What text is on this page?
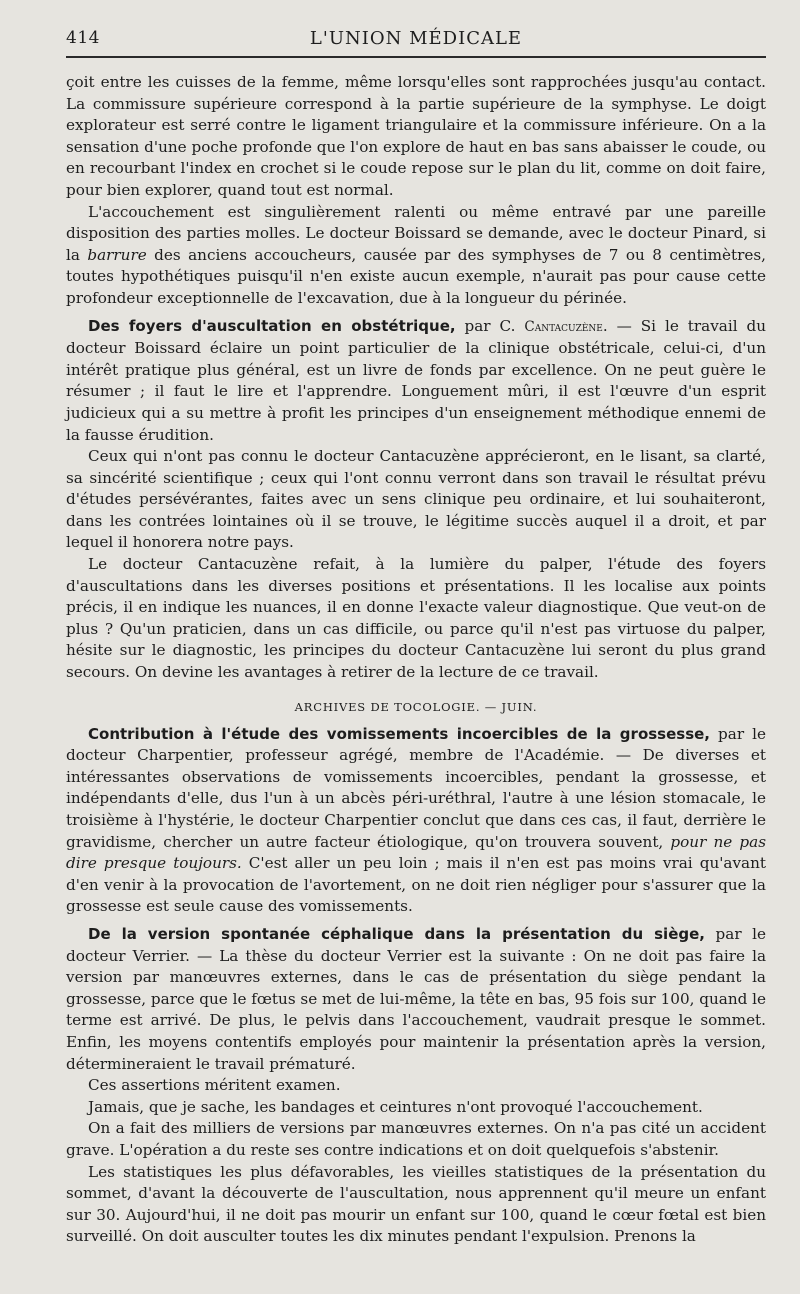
414	L'UNION MÉDICALE

çoit entre les cuisses de la femme, même lorsqu'elles sont rapprochées jusqu'au contact. La commissure supérieure correspond à la partie supérieure de la symphyse. Le doigt explorateur est serré contre le ligament triangulaire et la commissure inférieure. On a la sensation d'une poche profonde que l'on explore de haut en bas sans abaisser le coude, ou en recourbant l'index en crochet si le coude repose sur le plan du lit, comme on doit faire, pour bien explorer, quand tout est normal.

L'accouchement est singulièrement ralenti ou même entravé par une pareille disposition des parties molles. Le docteur Boissard se demande, avec le docteur Pinard, si la barrure des anciens accoucheurs, causée par des symphyses de 7 ou 8 centimètres, toutes hypothétiques puisqu'il n'en existe aucun exemple, n'aurait pas pour cause cette profondeur exceptionnelle de l'excavation, due à la longueur du périnée.

Des foyers d'auscultation en obstétrique, par C. Cantacuzène. — Si le travail du docteur Boissard éclaire un point particulier de la clinique obstétricale, celui-ci, d'un intérêt pratique plus général, est un livre de fonds par excellence. On ne peut guère le résumer ; il faut le lire et l'apprendre. Longuement mûri, il est l'œuvre d'un esprit judicieux qui a su mettre à profit les principes d'un enseignement méthodique ennemi de la fausse érudition.

Ceux qui n'ont pas connu le docteur Cantacuzène apprécieront, en le lisant, sa clarté, sa sincérité scientifique ; ceux qui l'ont connu verront dans son travail le résultat prévu d'études persévérantes, faites avec un sens clinique peu ordinaire, et lui souhaiteront, dans les contrées lointaines où il se trouve, le légitime succès auquel il a droit, et par lequel il honorera notre pays.

Le docteur Cantacuzène refait, à la lumière du palper, l'étude des foyers d'auscultations dans les diverses positions et présentations. Il les localise aux points précis, il en indique les nuances, il en donne l'exacte valeur diagnostique. Que veut-on de plus ? Qu'un praticien, dans un cas difficile, ou parce qu'il n'est pas virtuose du palper, hésite sur le diagnostic, les principes du docteur Cantacuzène lui seront du plus grand secours. On devine les avantages à retirer de la lecture de ce travail.

ARCHIVES DE TOCOLOGIE. — JUIN.

Contribution à l'étude des vomissements incoercibles de la grossesse, par le docteur Charpentier, professeur agrégé, membre de l'Académie. — De diverses et intéressantes observations de vomissements incoercibles, pendant la grossesse, et indépendants d'elle, dus l'un à un abcès péri-uréthral, l'autre à une lésion stomacale, le troisième à l'hystérie, le docteur Charpentier conclut que dans ces cas, il faut, derrière le gravidisme, chercher un autre facteur étiologique, qu'on trouvera souvent, pour ne pas dire presque toujours. C'est aller un peu loin ; mais il n'en est pas moins vrai qu'avant d'en venir à la provocation de l'avortement, on ne doit rien négliger pour s'assurer que la grossesse est seule cause des vomissements.

De la version spontanée céphalique dans la présentation du siège, par le docteur Verrier. — La thèse du docteur Verrier est la suivante : On ne doit pas faire la version par manœuvres externes, dans le cas de présentation du siège pendant la grossesse, parce que le fœtus se met de lui-même, la tête en bas, 95 fois sur 100, quand le terme est arrivé. De plus, le pelvis dans l'accouchement, vaudrait presque le sommet. Enfin, les moyens contentifs employés pour maintenir la présentation après la version, détermineraient le travail prématuré.

Ces assertions méritent examen.

Jamais, que je sache, les bandages et ceintures n'ont provoqué l'accouchement.

On a fait des milliers de versions par manœuvres externes. On n'a pas cité un accident grave. L'opération a du reste ses contre indications et on doit quelquefois s'abstenir.

Les statistiques les plus défavorables, les vieilles statistiques de la présentation du sommet, d'avant la découverte de l'auscultation, nous apprennent qu'il meure un enfant sur 30. Aujourd'hui, il ne doit pas mourir un enfant sur 100, quand le cœur fœtal est bien surveillé. On doit ausculter toutes les dix minutes pendant l'expulsion. Prenons la
